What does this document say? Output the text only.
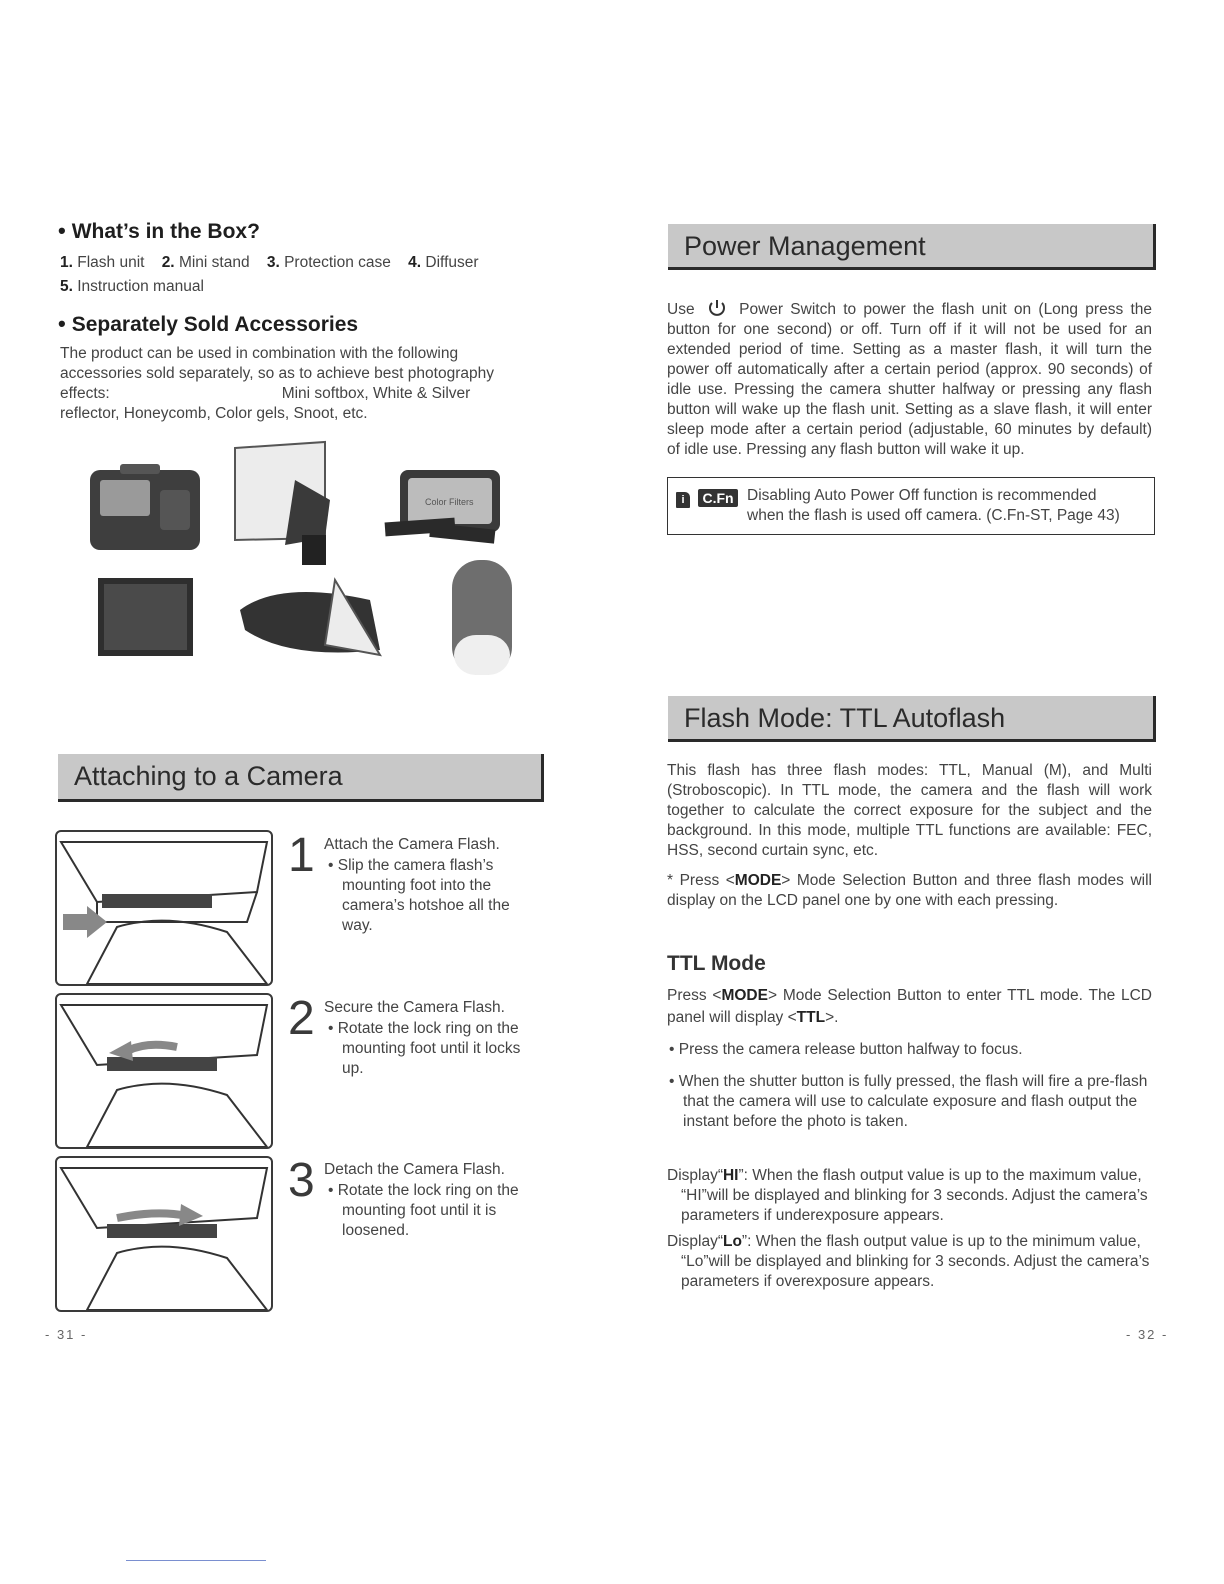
• What’s in the Box?
1. Flash unit 2. Mini stand 3. Protection case 4. Diffuser
5. Instruction manual
• Separately Sold Accessories
The product can be used in combination with the following
accessories sold separately, so as to achieve best photography
effects:	Mini softbox, White & Silver
reflector, Honeycomb, Color gels, Snoot, etc.
Color Filters
Attaching to a Camera
1 Attach the Camera Flash.
• Slip the camera flash’s mounting foot into the camera’s hotshoe all the way.
2 Secure the Camera Flash.
• Rotate the lock ring on the mounting foot until it locks up.
3 Detach the Camera Flash.
• Rotate the lock ring on the mounting foot until it is loosened.
- 31 -
Power Management
Use	Power Switch to power the flash unit on (Long press the button for one second) or off. Turn off if it will not be used for an extended period of time. Setting as a master flash, it will turn the power off automatically after a certain period (approx. 90 seconds) of idle use. Pressing the camera shutter halfway or pressing any flash button will wake up the flash unit. Setting as a slave flash, it will enter sleep mode after a certain period (adjustable, 60 minutes by default) of idle use. Pressing any flash button will wake it up.
i C.Fn Disabling Auto Power Off function is recommended
when the flash is used off camera. (C.Fn-ST, Page 43)
Flash Mode: TTL Autoflash
This flash has three flash modes: TTL, Manual (M), and Multi (Stroboscopic). In TTL mode, the camera and the flash will work together to calculate the correct exposure for the subject and the background. In this mode, multiple TTL functions are available: FEC, HSS, second curtain sync, etc.
* Press <MODE> Mode Selection Button and three flash modes will display on the LCD panel one by one with each pressing.
TTL Mode
Press <MODE> Mode Selection Button to enter TTL mode. The LCD panel will display <TTL>.
• Press the camera release button halfway to focus.
• When the shutter button is fully pressed, the flash will fire a pre-flash that the camera will use to calculate exposure and flash output the instant before the photo is taken.
Display“HI”: When the flash output value is up to the maximum value, “HI”will be displayed and blinking for 3 seconds. Adjust the camera’s parameters if underexposure appears.
Display“Lo”: When the flash output value is up to the minimum value, “Lo”will be displayed and blinking for 3 seconds. Adjust the camera’s parameters if overexposure appears.
- 32 -
